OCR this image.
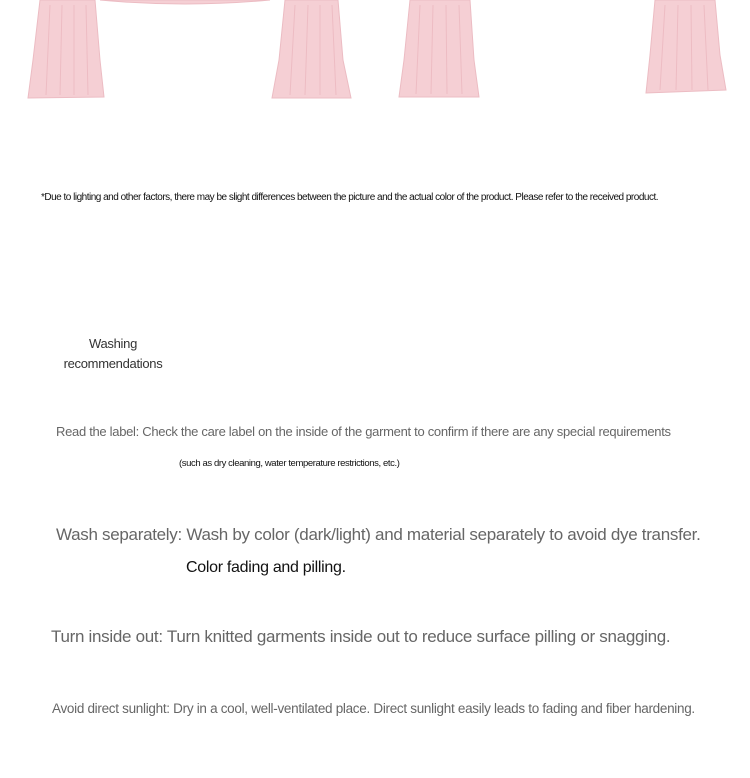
*Due to lighting and other factors, there may be slight differences between the picture and the actual color of the product. Please refer to the received product.
Washing recommendations
Read the label: Check the care label on the inside of the garment to confirm if there are any special requirements
(such as dry cleaning, water temperature restrictions, etc.)
Wash separately: Wash by color (dark/light) and material separately to avoid dye transfer.
Color fading and pilling.
Turn inside out: Turn knitted garments inside out to reduce surface pilling or snagging.
Avoid direct sunlight: Dry in a cool, well-ventilated place. Direct sunlight easily leads to fading and fiber hardening.
